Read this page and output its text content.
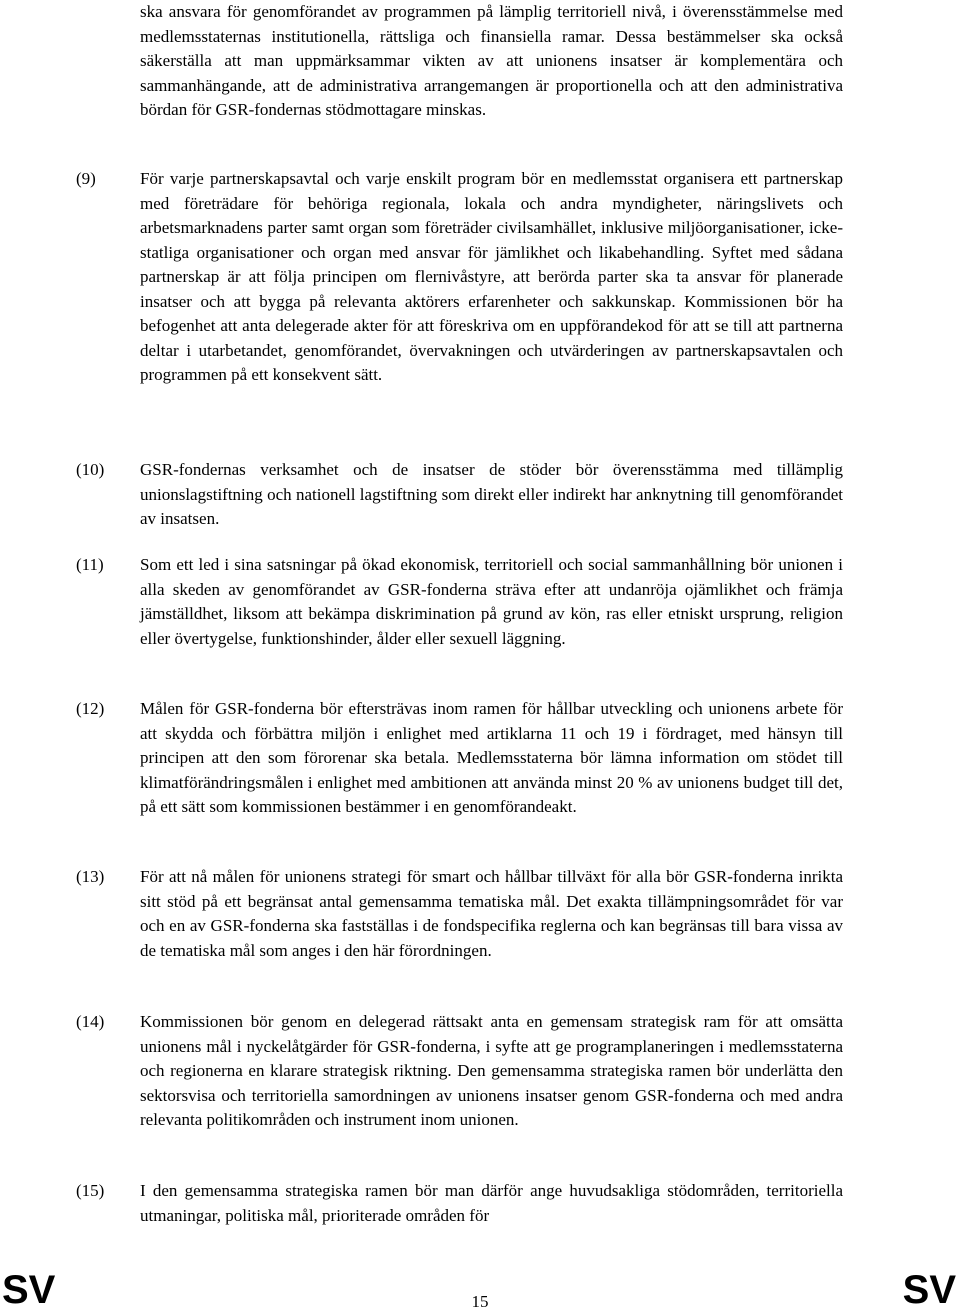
ska ansvara för genomförandet av programmen på lämplig territoriell nivå, i överensstämmelse med medlemsstaternas institutionella, rättsliga och finansiella ramar. Dessa bestämmelser ska också säkerställa att man uppmärksammar vikten av att unionens insatser är komplementära och sammanhängande, att de administrativa arrangemangen är proportionella och att den administrativa bördan för GSR-fondernas stödmottagare minskas.
(9)	För varje partnerskapsavtal och varje enskilt program bör en medlemsstat organisera ett partnerskap med företrädare för behöriga regionala, lokala och andra myndigheter, näringslivets och arbetsmarknadens parter samt organ som företräder civilsamhället, inklusive miljöorganisationer, icke-statliga organisationer och organ med ansvar för jämlikhet och likabehandling. Syftet med sådana partnerskap är att följa principen om flernivåstyre, att berörda parter ska ta ansvar för planerade insatser och att bygga på relevanta aktörers erfarenheter och sakkunskap. Kommissionen bör ha befogenhet att anta delegerade akter för att föreskriva om en uppförandekod för att se till att partnerna deltar i utarbetandet, genomförandet, övervakningen och utvärderingen av partnerskapsavtalen och programmen på ett konsekvent sätt.
(10) GSR-fondernas verksamhet och de insatser de stöder bör överensstämma med tillämplig unionslagstiftning och nationell lagstiftning som direkt eller indirekt har anknytning till genomförandet av insatsen.
(11) Som ett led i sina satsningar på ökad ekonomisk, territoriell och social sammanhållning bör unionen i alla skeden av genomförandet av GSR-fonderna sträva efter att undanröja ojämlikhet och främja jämställdhet, liksom att bekämpa diskrimination på grund av kön, ras eller etniskt ursprung, religion eller övertygelse, funktionshinder, ålder eller sexuell läggning.
(12) Målen för GSR-fonderna bör eftersträvas inom ramen för hållbar utveckling och unionens arbete för att skydda och förbättra miljön i enlighet med artiklarna 11 och 19 i fördraget, med hänsyn till principen att den som förorenar ska betala. Medlemsstaterna bör lämna information om stödet till klimatförändringsmålen i enlighet med ambitionen att använda minst 20 % av unionens budget till det, på ett sätt som kommissionen bestämmer i en genomförandeakt.
(13) För att nå målen för unionens strategi för smart och hållbar tillväxt för alla bör GSR-fonderna inrikta sitt stöd på ett begränsat antal gemensamma tematiska mål. Det exakta tillämpningsområdet för var och en av GSR-fonderna ska fastställas i de fondspecifika reglerna och kan begränsas till bara vissa av de tematiska mål som anges i den här förordningen.
(14) Kommissionen bör genom en delegerad rättsakt anta en gemensam strategisk ram för att omsätta unionens mål i nyckelåtgärder för GSR-fonderna, i syfte att ge programplaneringen i medlemsstaterna och regionerna en klarare strategisk riktning. Den gemensamma strategiska ramen bör underlätta den sektorsvisa och territoriella samordningen av unionens insatser genom GSR-fonderna och med andra relevanta politikområden och instrument inom unionen.
(15) I den gemensamma strategiska ramen bör man därför ange huvudsakliga stödområden, territoriella utmaningar, politiska mål, prioriterade områden för
SV	15	SV
